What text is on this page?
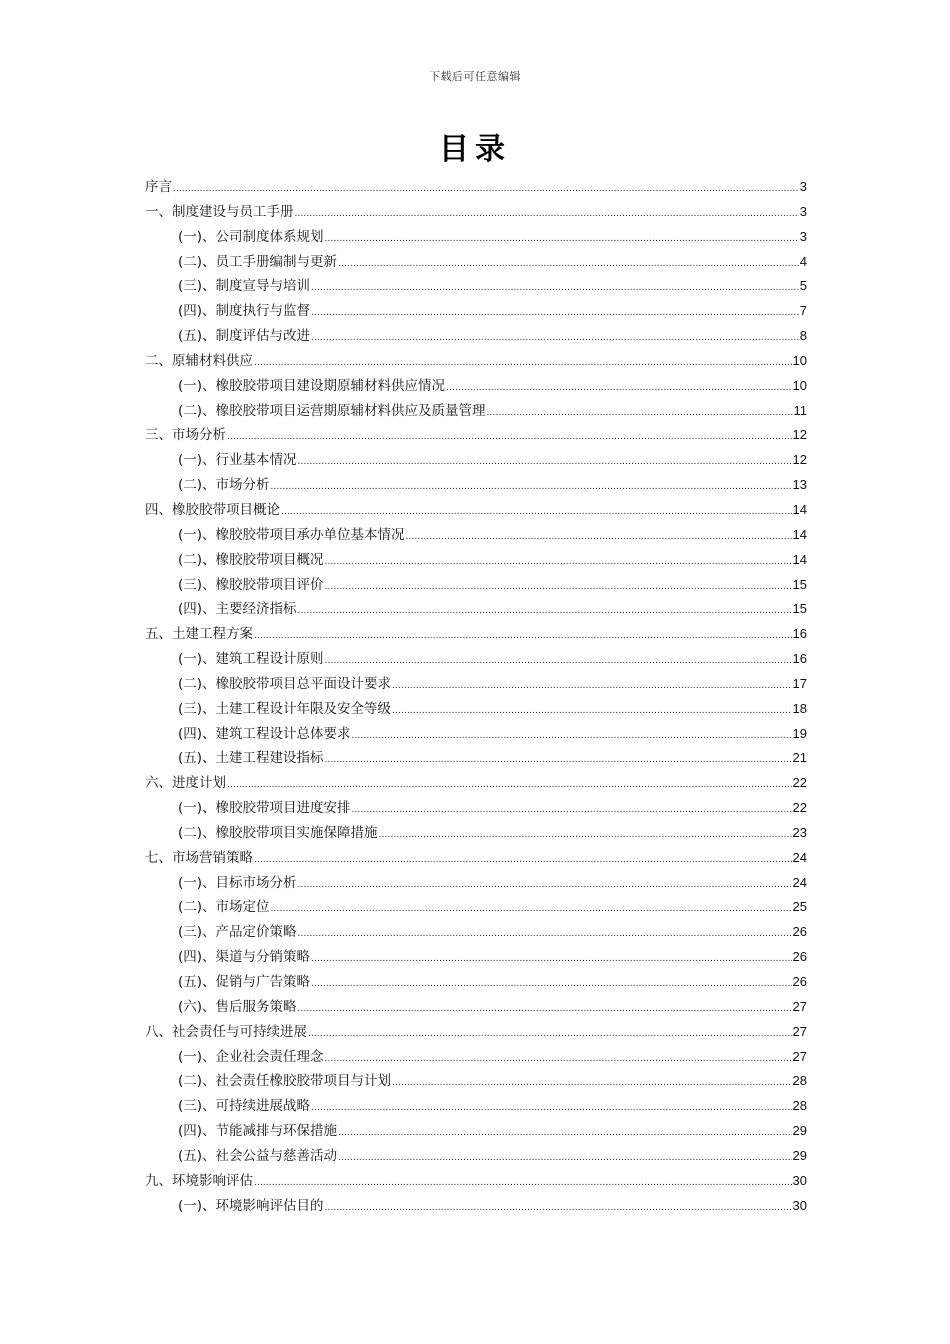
下载后可任意编辑
目录
序言 .....	3
一、制度建设与员工手册 .....	3
(一)、公司制度体系规划 .....	3
(二)、员工手册编制与更新 .....	4
(三)、制度宣导与培训 .....	5
(四)、制度执行与监督 .....	7
(五)、制度评估与改进 .....	8
二、原辅材料供应 .....	10
(一)、橡胶胶带项目建设期原辅材料供应情况 .....	10
(二)、橡胶胶带项目运营期原辅材料供应及质量管理 .....	11
三、市场分析 .....	12
(一)、行业基本情况 .....	12
(二)、市场分析 .....	13
四、橡胶胶带项目概论 .....	14
(一)、橡胶胶带项目承办单位基本情况 .....	14
(二)、橡胶胶带项目概况 .....	14
(三)、橡胶胶带项目评价 .....	15
(四)、主要经济指标 .....	15
五、土建工程方案 .....	16
(一)、建筑工程设计原则 .....	16
(二)、橡胶胶带项目总平面设计要求 .....	17
(三)、土建工程设计年限及安全等级 .....	18
(四)、建筑工程设计总体要求 .....	19
(五)、土建工程建设指标 .....	21
六、进度计划 .....	22
(一)、橡胶胶带项目进度安排 .....	22
(二)、橡胶胶带项目实施保障措施 .....	23
七、市场营销策略 .....	24
(一)、目标市场分析 .....	24
(二)、市场定位 .....	25
(三)、产品定价策略 .....	26
(四)、渠道与分销策略 .....	26
(五)、促销与广告策略 .....	26
(六)、售后服务策略 .....	27
八、社会责任与可持续进展 .....	27
(一)、企业社会责任理念 .....	27
(二)、社会责任橡胶胶带项目与计划 .....	28
(三)、可持续进展战略 .....	28
(四)、节能减排与环保措施 .....	29
(五)、社会公益与慈善活动 .....	29
九、环境影响评估 .....	30
(一)、环境影响评估目的 .....	30
